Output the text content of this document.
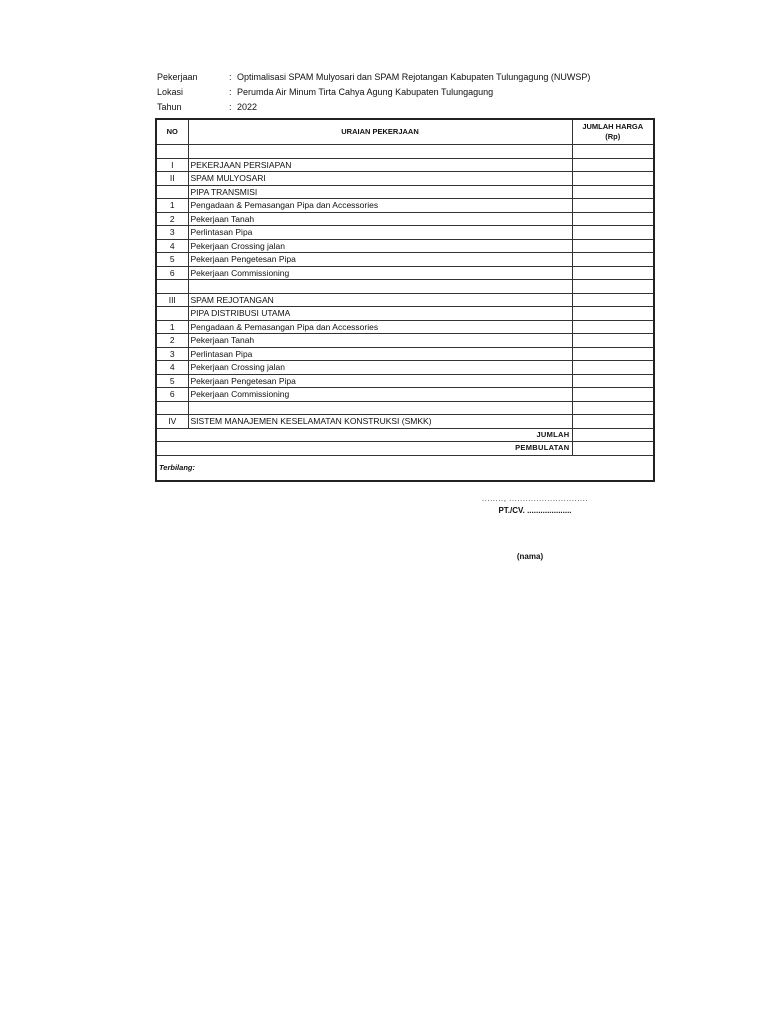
Pekerjaan	: Optimalisasi SPAM Mulyosari dan SPAM Rejotangan Kabupaten Tulungagung (NUWSP)
Lokasi	: Perumda Air Minum Tirta Cahya Agung Kabupaten Tulungagung
Tahun	: 2022
NO	URAIAN PEKERJAAN	JUMLAH HARGA
(Rp)

I	PEKERJAAN PERSIAPAN	
II	SPAM MULYOSARI	
	PIPA TRANSMISI	
1	Pengadaan & Pemasangan Pipa dan Accessories	
2	Pekerjaan Tanah	
3	Perlintasan Pipa	
4	Pekerjaan Crossing jalan	
5	Pekerjaan Pengetesan Pipa	
6	Pekerjaan Commissioning	

III	SPAM REJOTANGAN	
	PIPA DISTRIBUSI UTAMA	
1	Pengadaan & Pemasangan Pipa dan Accessories	
2	Pekerjaan Tanah	
3	Perlintasan Pipa	
4	Pekerjaan Crossing jalan	
5	Pekerjaan Pengetesan Pipa	
6	Pekerjaan Commissioning	

IV	SISTEM MANAJEMEN KESELAMATAN KONSTRUKSI (SMKK)	
JUMLAH		
PEMBULATAN		
Terbilang:		
........, .............................
PT./CV. ....................
(nama)
